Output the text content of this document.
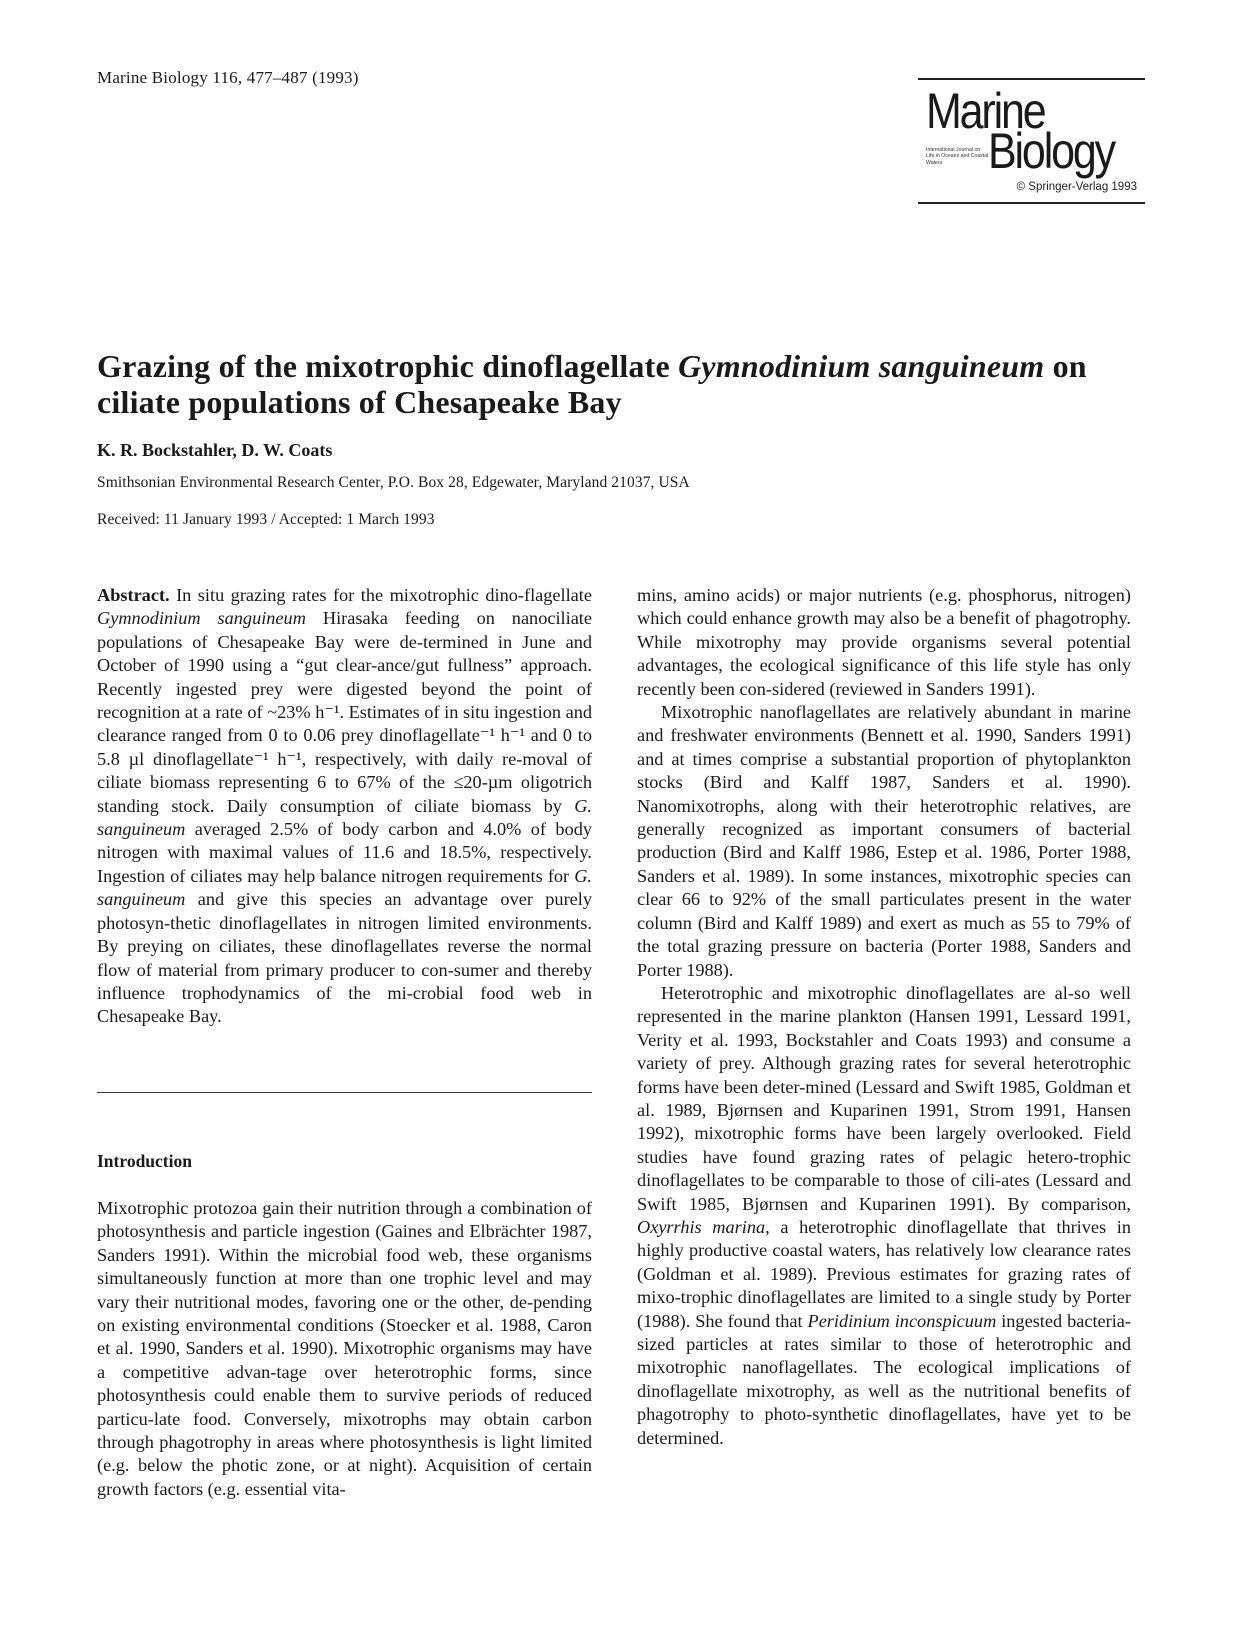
Marine Biology 116, 477–487 (1993)
Marine
International Journal on Life in Oceans and Coastal Waters Biology
© Springer-Verlag 1993
Grazing of the mixotrophic dinoflagellate Gymnodinium sanguineum on ciliate populations of Chesapeake Bay
K. R. Bockstahler, D. W. Coats
Smithsonian Environmental Research Center, P.O. Box 28, Edgewater, Maryland 21037, USA
Received: 11 January 1993 / Accepted: 1 March 1993

Abstract. In situ grazing rates for the mixotrophic dino-flagellate Gymnodinium sanguineum Hirasaka feeding on nanociliate populations of Chesapeake Bay were de-termined in June and October of 1990 using a “gut clear-ance/gut fullness” approach. Recently ingested prey were digested beyond the point of recognition at a rate of ~23% h⁻¹. Estimates of in situ ingestion and clearance ranged from 0 to 0.06 prey dinoflagellate⁻¹ h⁻¹ and 0 to 5.8 µl dinoflagellate⁻¹ h⁻¹, respectively, with daily re-moval of ciliate biomass representing 6 to 67% of the ≤20-µm oligotrich standing stock. Daily consumption of ciliate biomass by G. sanguineum averaged 2.5% of body carbon and 4.0% of body nitrogen with maximal values of 11.6 and 18.5%, respectively. Ingestion of ciliates may help balance nitrogen requirements for G. sanguineum and give this species an advantage over purely photosyn-thetic dinoflagellates in nitrogen limited environments. By preying on ciliates, these dinoflagellates reverse the normal flow of material from primary producer to con-sumer and thereby influence trophodynamics of the mi-crobial food web in Chesapeake Bay.

Introduction

Mixotrophic protozoa gain their nutrition through a combination of photosynthesis and particle ingestion (Gaines and Elbrächter 1987, Sanders 1991). Within the microbial food web, these organisms simultaneously function at more than one trophic level and may vary their nutritional modes, favoring one or the other, de-pending on existing environmental conditions (Stoecker et al. 1988, Caron et al. 1990, Sanders et al. 1990). Mixotrophic organisms may have a competitive advan-tage over heterotrophic forms, since photosynthesis could enable them to survive periods of reduced particu-late food. Conversely, mixotrophs may obtain carbon through phagotrophy in areas where photosynthesis is light limited (e.g. below the photic zone, or at night). Acquisition of certain growth factors (e.g. essential vita-

mins, amino acids) or major nutrients (e.g. phosphorus, nitrogen) which could enhance growth may also be a benefit of phagotrophy. While mixotrophy may provide organisms several potential advantages, the ecological significance of this life style has only recently been con-sidered (reviewed in Sanders 1991).

Mixotrophic nanoflagellates are relatively abundant in marine and freshwater environments (Bennett et al. 1990, Sanders 1991) and at times comprise a substantial proportion of phytoplankton stocks (Bird and Kalff 1987, Sanders et al. 1990). Nanomixotrophs, along with their heterotrophic relatives, are generally recognized as important consumers of bacterial production (Bird and Kalff 1986, Estep et al. 1986, Porter 1988, Sanders et al. 1989). In some instances, mixotrophic species can clear 66 to 92% of the small particulates present in the water column (Bird and Kalff 1989) and exert as much as 55 to 79% of the total grazing pressure on bacteria (Porter 1988, Sanders and Porter 1988).

Heterotrophic and mixotrophic dinoflagellates are al-so well represented in the marine plankton (Hansen 1991, Lessard 1991, Verity et al. 1993, Bockstahler and Coats 1993) and consume a variety of prey. Although grazing rates for several heterotrophic forms have been deter-mined (Lessard and Swift 1985, Goldman et al. 1989, Bjørnsen and Kuparinen 1991, Strom 1991, Hansen 1992), mixotrophic forms have been largely overlooked. Field studies have found grazing rates of pelagic hetero-trophic dinoflagellates to be comparable to those of cili-ates (Lessard and Swift 1985, Bjørnsen and Kuparinen 1991). By comparison, Oxyrrhis marina, a heterotrophic dinoflagellate that thrives in highly productive coastal waters, has relatively low clearance rates (Goldman et al. 1989). Previous estimates for grazing rates of mixo-trophic dinoflagellates are limited to a single study by Porter (1988). She found that Peridinium inconspicuum ingested bacteria-sized particles at rates similar to those of heterotrophic and mixotrophic nanoflagellates. The ecological implications of dinoflagellate mixotrophy, as well as the nutritional benefits of phagotrophy to photo-synthetic dinoflagellates, have yet to be determined.
